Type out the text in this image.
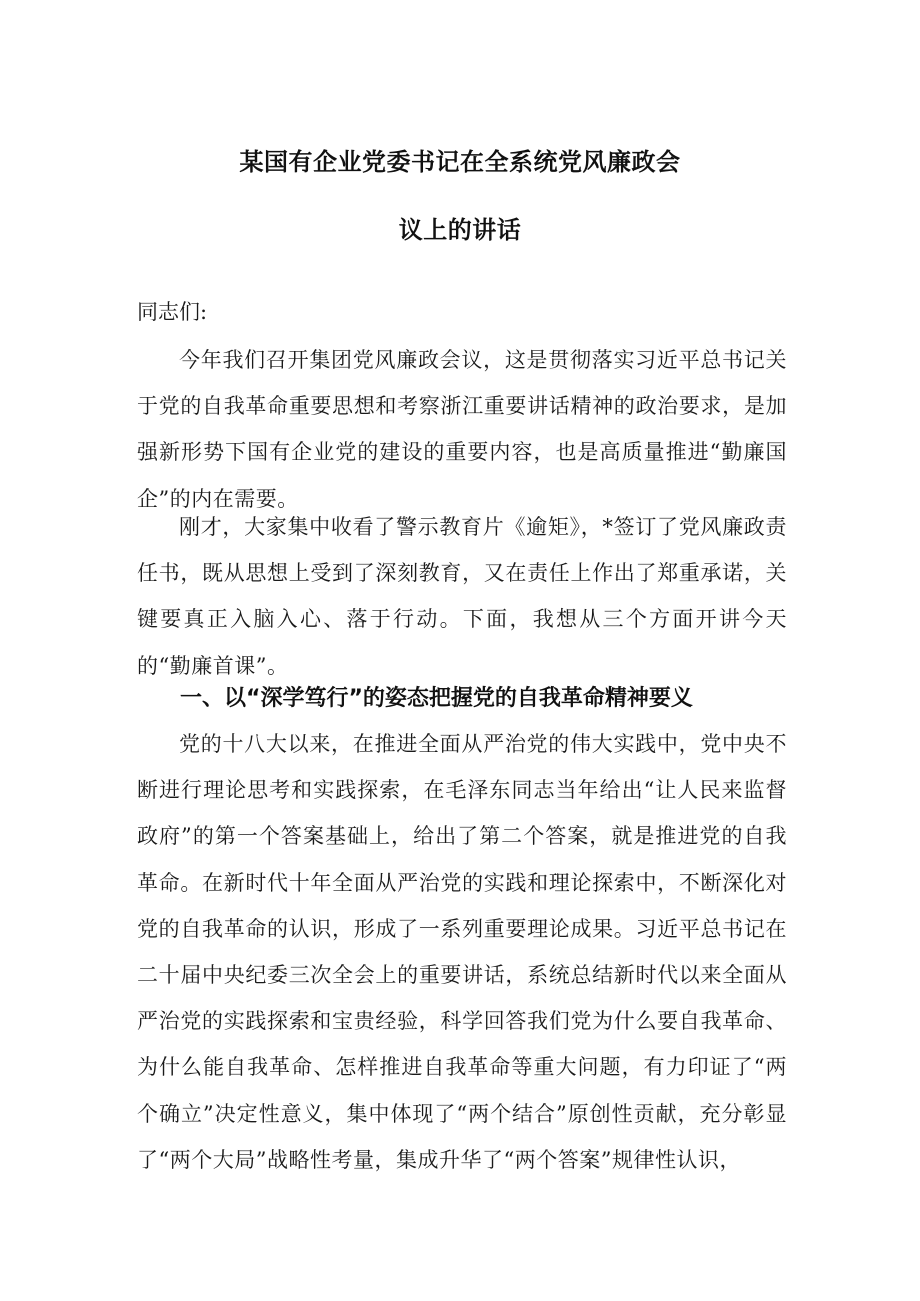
某国有企业党委书记在全系统党风廉政会
议上的讲话
同志们:

今年我们召开集团党风廉政会议，这是贯彻落实习近平总书记关于党的自我革命重要思想和考察浙江重要讲话精神的政治要求，是加强新形势下国有企业党的建设的重要内容，也是高质量推进“勤廉国企”的内在需要。

刚才，大家集中收看了警示教育片《逾矩》，*签订了党风廉政责任书，既从思想上受到了深刻教育，又在责任上作出了郑重承诺，关键要真正入脑入心、落于行动。下面，我想从三个方面开讲今天的“勤廉首课”。

一、以“深学笃行”的姿态把握党的自我革命精神要义

党的十八大以来，在推进全面从严治党的伟大实践中，党中央不断进行理论思考和实践探索，在毛泽东同志当年给出“让人民来监督政府”的第一个答案基础上，给出了第二个答案，就是推进党的自我革命。在新时代十年全面从严治党的实践和理论探索中，不断深化对党的自我革命的认识，形成了一系列重要理论成果。习近平总书记在二十届中央纪委三次全会上的重要讲话，系统总结新时代以来全面从严治党的实践探索和宝贵经验，科学回答我们党为什么要自我革命、为什么能自我革命、怎样推进自我革命等重大问题，有力印证了“两个确立”决定性意义，集中体现了“两个结合”原创性贡献，充分彰显了“两个大局”战略性考量，集成升华了“两个答案”规律性认识，
